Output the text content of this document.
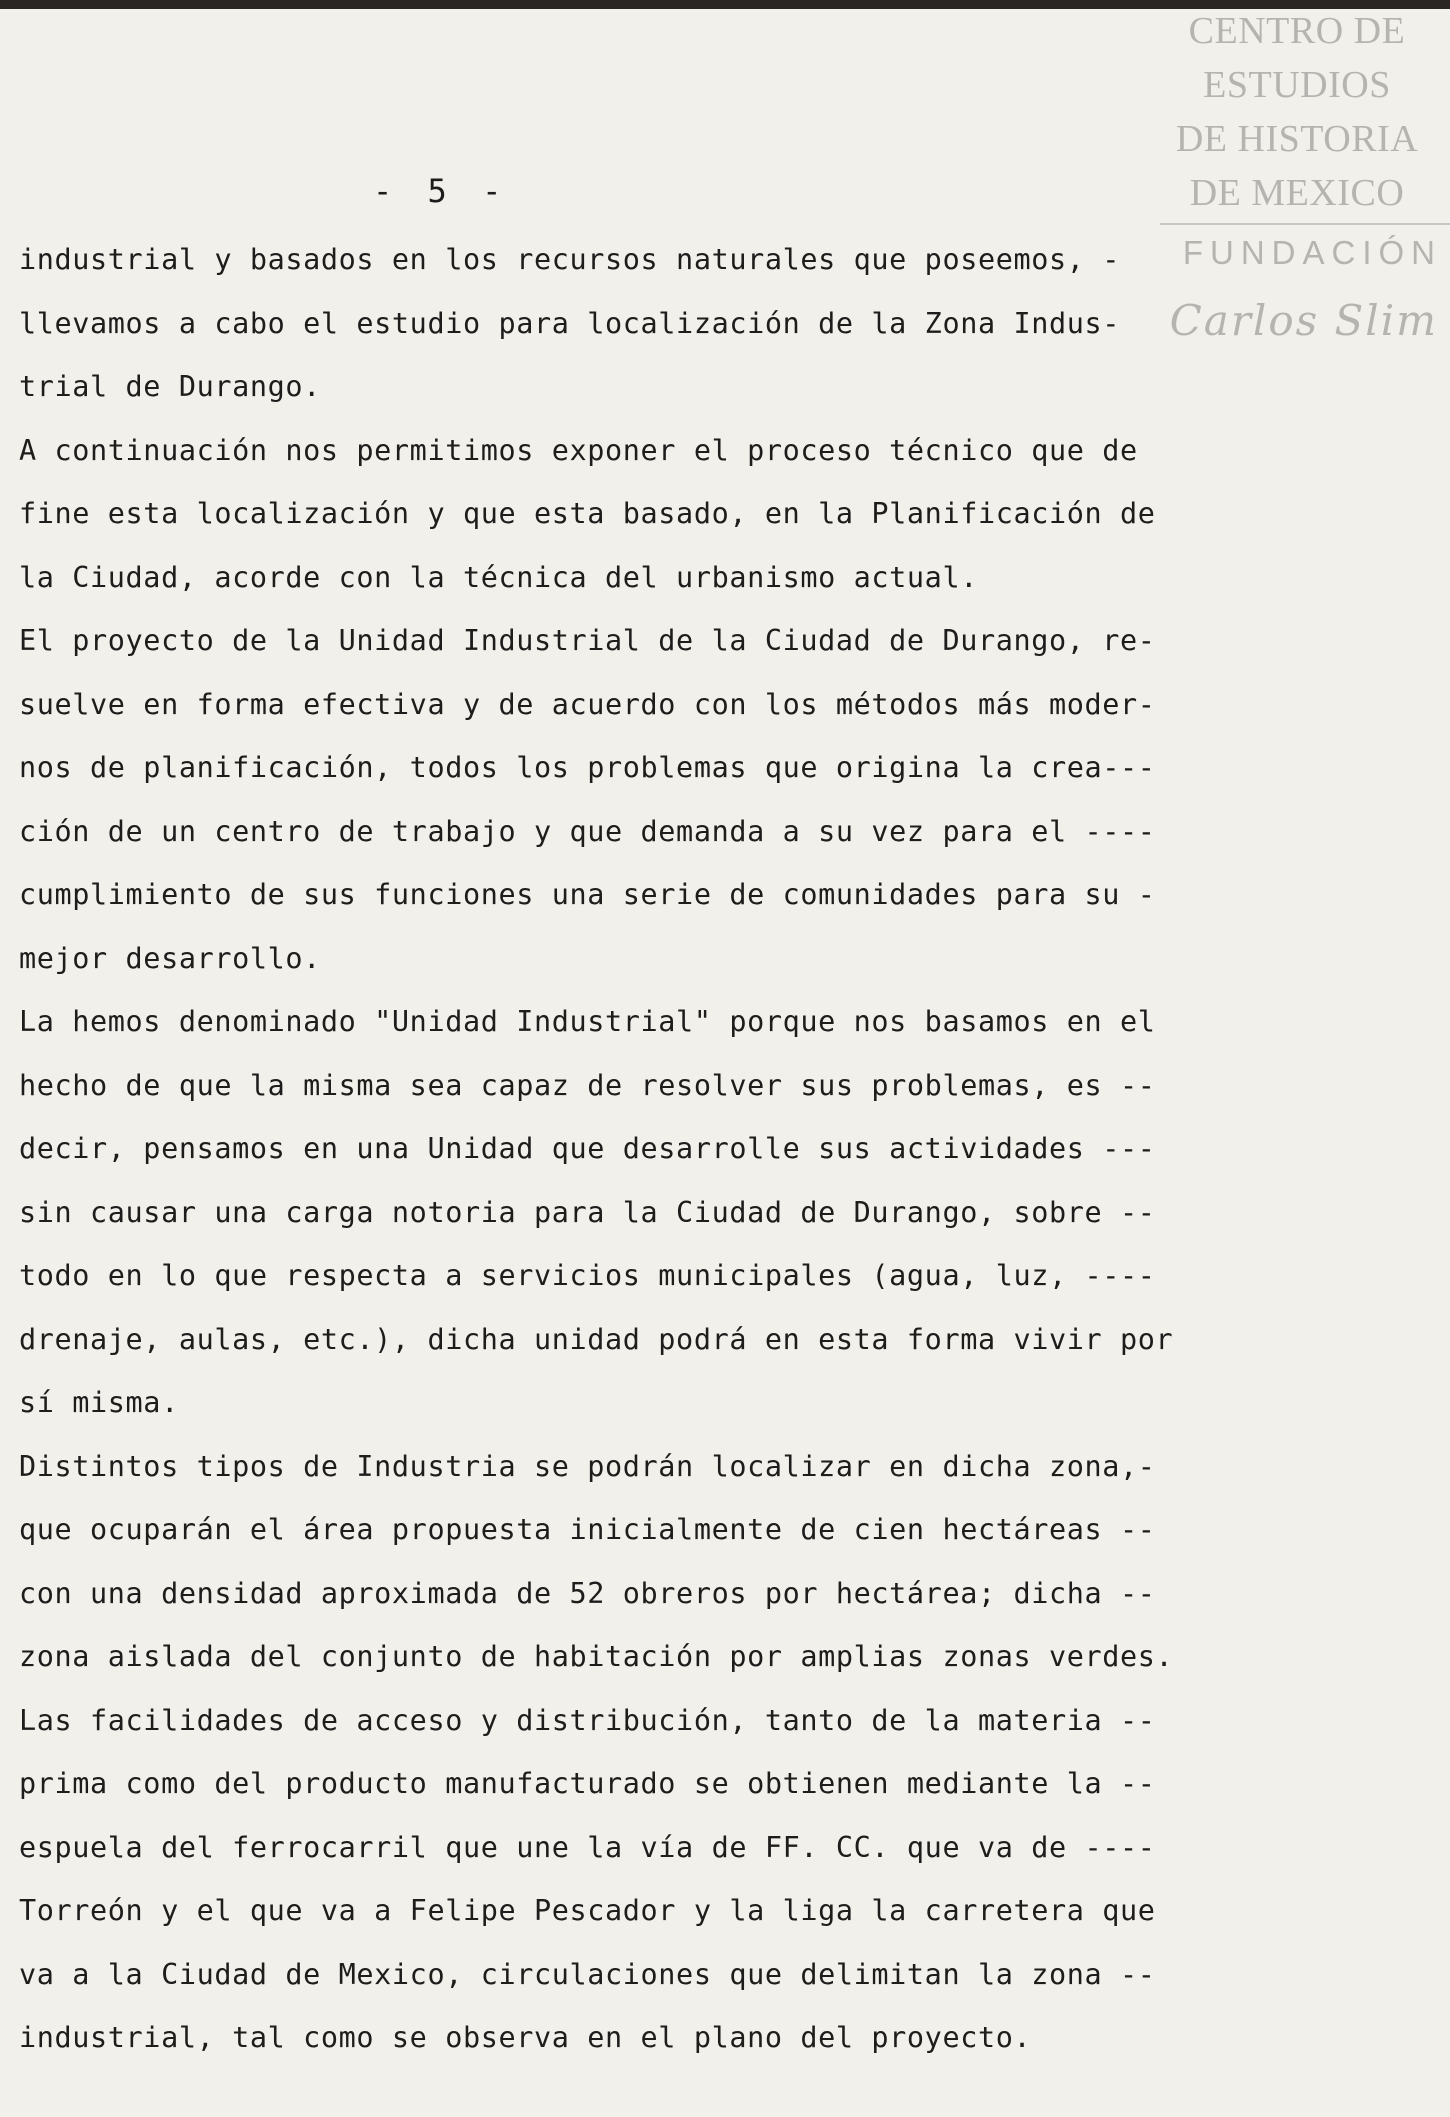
CENTRO DE
ESTUDIOS
DE HISTORIA
DE MEXICO
FUNDACIÓN
Carlos Slim
- 5 -
industrial y basados en los recursos naturales que poseemos, -
llevamos a cabo el estudio para localización de la Zona Indus-
trial de Durango.
A continuación nos permitimos exponer el proceso técnico que de
fine esta localización y que esta basado, en la Planificación de
la Ciudad, acorde con la técnica del urbanismo actual.
El proyecto de la Unidad Industrial de la Ciudad de Durango, re-
suelve en forma efectiva y de acuerdo con los métodos más moder-
nos de planificación, todos los problemas que origina la crea---
ción de un centro de trabajo y que demanda a su vez para el ----
cumplimiento de sus funciones una serie de comunidades para su -
mejor desarrollo.
La hemos denominado "Unidad Industrial" porque nos basamos en el
hecho de que la misma sea capaz de resolver sus problemas, es --
decir, pensamos en una Unidad que desarrolle sus actividades ---
sin causar una carga notoria para la Ciudad de Durango, sobre --
todo en lo que respecta a servicios municipales (agua, luz, ----
drenaje, aulas, etc.), dicha unidad podrá en esta forma vivir por
sí misma.
Distintos tipos de Industria se podrán localizar en dicha zona,-
que ocuparán el área propuesta inicialmente de cien hectáreas --
con una densidad aproximada de 52 obreros por hectárea; dicha --
zona aislada del conjunto de habitación por amplias zonas verdes.
Las facilidades de acceso y distribución, tanto de la materia --
prima como del producto manufacturado se obtienen mediante la --
espuela del ferrocarril que une la vía de FF. CC. que va de ----
Torreón y el que va a Felipe Pescador y la liga la carretera que
va a la Ciudad de Mexico, circulaciones que delimitan la zona --
industrial, tal como se observa en el plano del proyecto.
